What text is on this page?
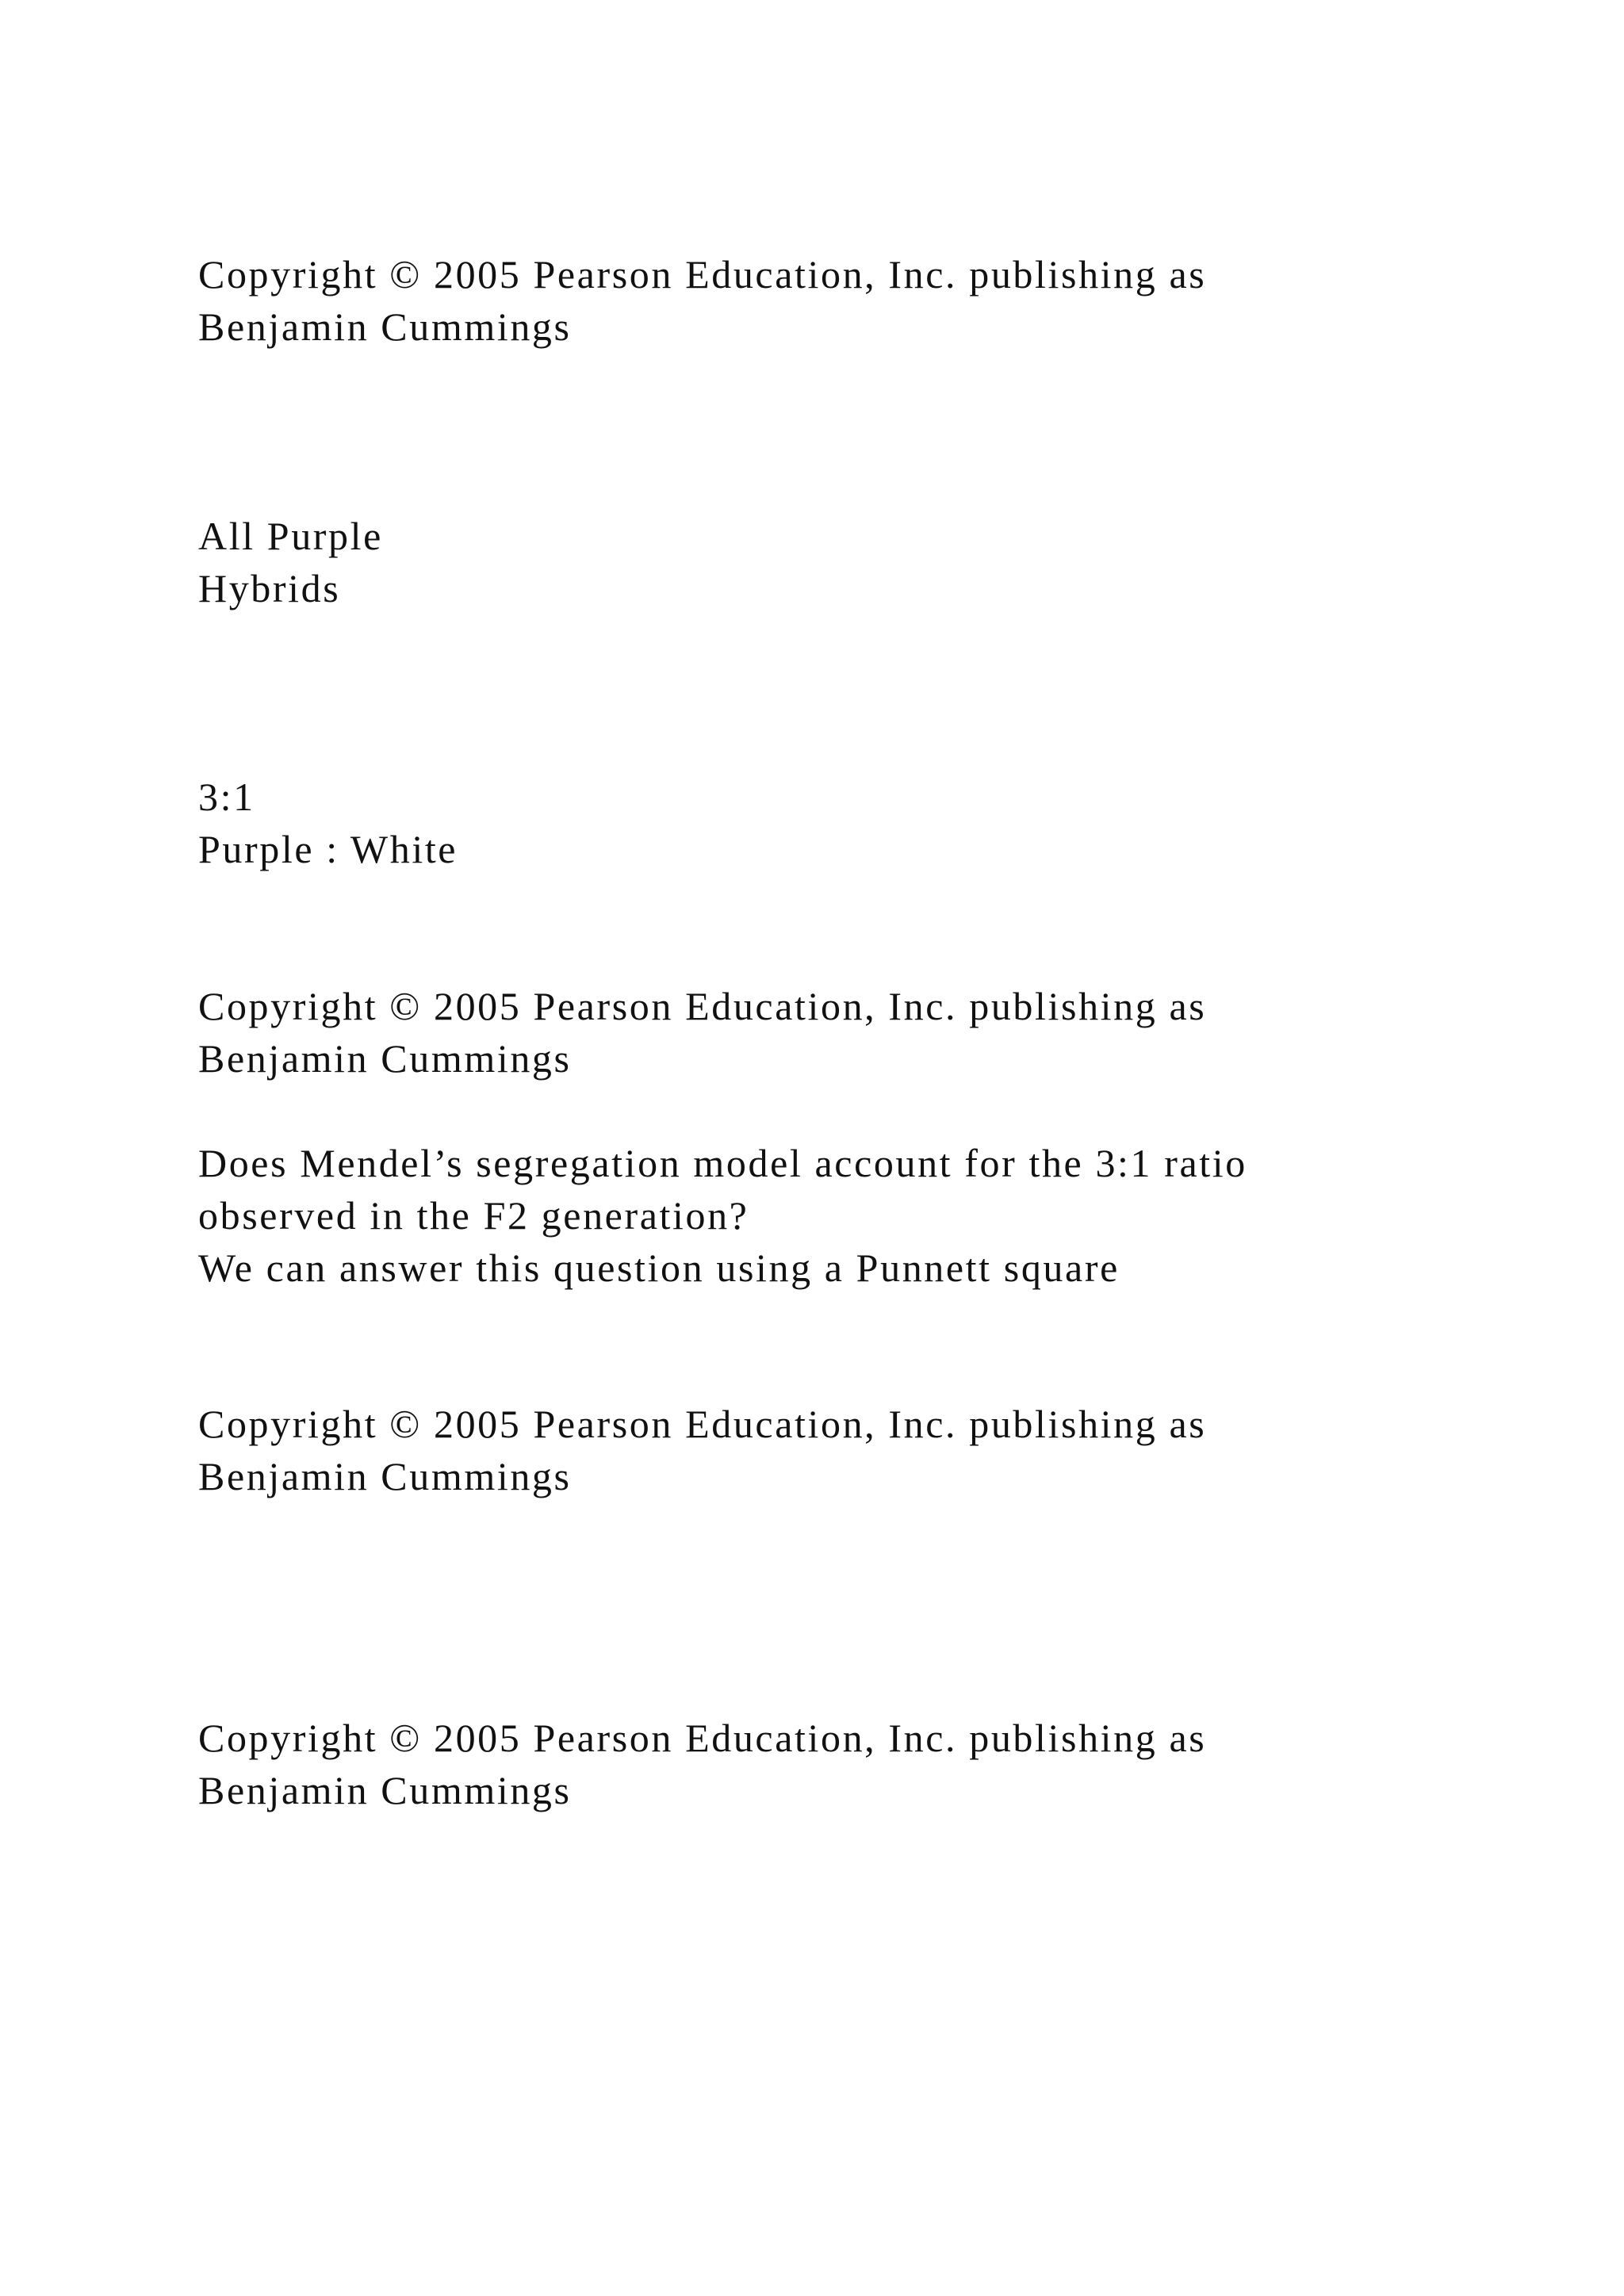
Copyright © 2005 Pearson Education, Inc. publishing as

Benjamin Cummings

All Purple

Hybrids

3:1

Purple : White

Copyright © 2005 Pearson Education, Inc. publishing as

Benjamin Cummings

Does Mendel’s segregation model account for the 3:1 ratio

observed in the F2 generation?

We can answer this question using a Punnett square

Copyright © 2005 Pearson Education, Inc. publishing as

Benjamin Cummings

Copyright © 2005 Pearson Education, Inc. publishing as

Benjamin Cummings
